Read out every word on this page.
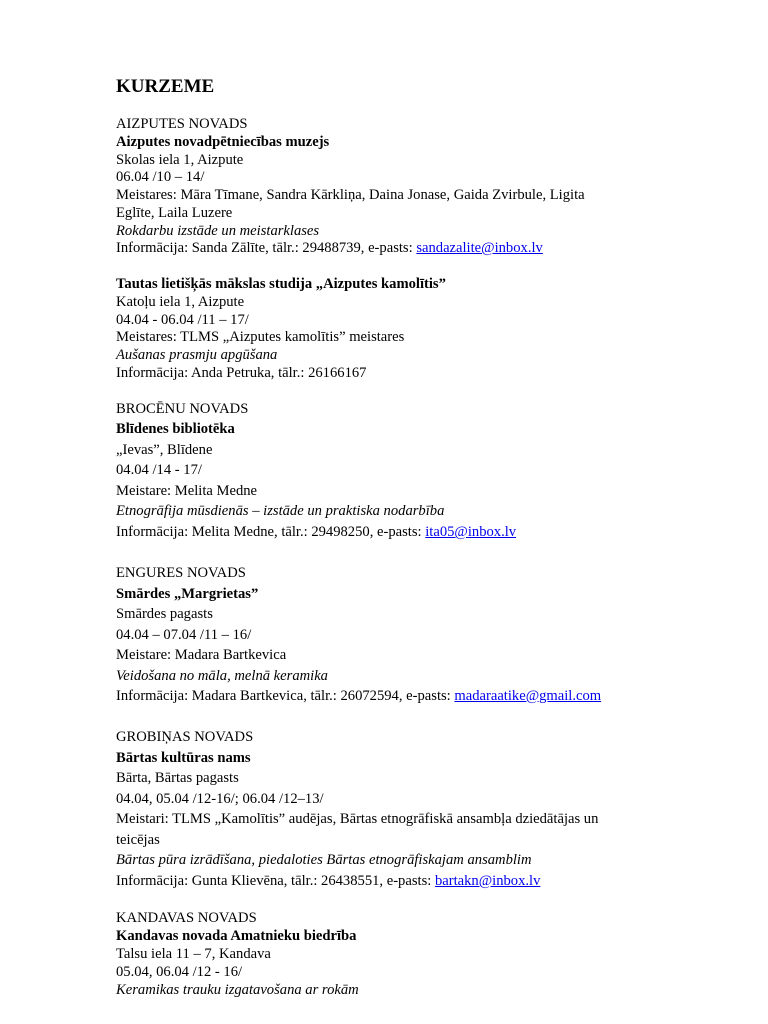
KURZEME
AIZPUTES NOVADS
Aizputes novadpētniecības muzejs
Skolas iela 1, Aizpute
06.04 /10 – 14/
Meistares: Māra Tīmane, Sandra Kārkliņa, Daina Jonase, Gaida Zvirbule, Ligita
Eglīte, Laila Luzere
Rokdarbu izstāde un meistarklases
Informācija: Sanda Zālīte, tālr.: 29488739, e-pasts: sandazalite@inbox.lv
Tautas lietišķās mākslas studija „Aizputes kamolītis”
Katoļu iela 1, Aizpute
04.04 - 06.04 /11 – 17/
Meistares: TLMS „Aizputes kamolītis” meistares
Aušanas prasmju apgūšana
Informācija: Anda Petruka, tālr.: 26166167
BROCĒNU NOVADS
Blīdenes bibliotēka
„Ievas”, Blīdene
04.04 /14 - 17/
Meistare: Melita Medne
Etnogrāfija mūsdienās – izstāde un praktiska nodarbība
Informācija: Melita Medne, tālr.: 29498250, e-pasts: ita05@inbox.lv
ENGURES NOVADS
Smārdes „Margrietas”
Smārdes pagasts
04.04 – 07.04 /11 – 16/
Meistare: Madara Bartkevica
Veidošana no māla, melnā keramika
Informācija: Madara Bartkevica, tālr.: 26072594, e-pasts: madaraatike@gmail.com
GROBIŅAS NOVADS
Bārtas kultūras nams
Bārta, Bārtas pagasts
04.04, 05.04 /12-16/; 06.04 /12–13/
Meistari: TLMS „Kamolītis” audējas, Bārtas etnogrāfiskā ansambļa dziedātājas un
teicējas
Bārtas pūra izrādīšana, piedaloties Bārtas etnogrāfiskajam ansamblim
Informācija: Gunta Klievēna, tālr.: 26438551, e-pasts: bartakn@inbox.lv
KANDAVAS NOVADS
Kandavas novada Amatnieku biedrība
Talsu iela 11 – 7, Kandava
05.04, 06.04 /12 - 16/
Keramikas trauku izgatavošana ar rokām
